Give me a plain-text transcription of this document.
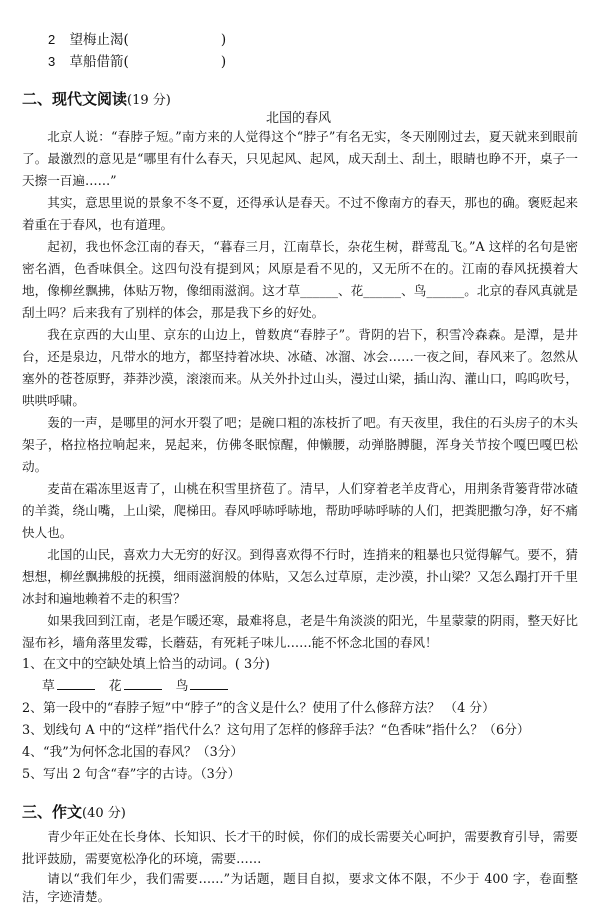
2 望梅止渴(	)
3 草船借箭(	)
二、现代文阅读(19 分)
北国的春风
北京人说：“春脖子短。”南方来的人觉得这个“脖子”有名无实，冬天刚刚过去，夏天就来到眼前了。最激烈的意见是“哪里有什么春天，只见起风、起风，成天刮土、刮土，眼睛也睁不开，桌子一天擦一百遍……”
其实，意思里说的景象不冬不夏，还得承认是春天。不过不像南方的春天，那也的确。褒贬起来着重在于春风，也有道理。
起初，我也怀念江南的春天，“暮春三月，江南草长，杂花生树，群莺乱飞。”A 这样的名句是密密名酒，色香味俱全。这四句没有提到风；风原是看不见的，又无所不在的。江南的春风抚摸着大地，像柳丝飘拂，体贴万物，像细雨滋润。这才草______、花______、鸟______。北京的春风真就是刮土吗？后来我有了别样的体会，那是我下乡的好处。
我在京西的大山里、京东的山边上，曾数庹“春脖子”。背阴的岩下，积雪冷森森。是潭，是井台，还是泉边，凡带水的地方，都坚持着冰块、冰碴、冰溜、冰会……一夜之间，春风来了。忽然从塞外的苍苍原野，莽莽沙漠，滚滚而来。从关外扑过山头，漫过山梁，插山沟、灌山口，呜呜吹号，哄哄呼啸。
轰的一声，是哪里的河水开裂了吧；是碗口粗的冻枝折了吧。有天夜里，我住的石头房子的木头架子，格拉格拉响起来，晃起来，仿佛冬眠惊醒，伸懒腰，动弹胳膊腿，浑身关节按个嘎巴嘎巴松动。
麦苗在霜冻里返青了，山桃在积雪里挤苞了。清早，人们穿着老羊皮背心，用荆条背篓背带冰碴的羊粪，绕山嘴，上山梁，爬梯田。春风呼哧呼哧地，帮助呼哧呼哧的人们，把粪肥撒匀净，好不痛快人也。
北国的山民，喜欢力大无穷的好汉。到得喜欢得不行时，连捎来的粗暴也只觉得解气。要不，猜想想，柳丝飘拂般的抚摸，细雨滋润般的体贴，又怎么过草原，走沙漠，扑山梁？又怎么蹋打开千里冰封和遍地赖着不走的积雪？
如果我回到江南，老是乍暖还寒，最难将息，老是牛角淡淡的阳光，牛星蒙蒙的阴雨，整天好比湿布衫，墙角落里发霉，长蘑菇，有死耗子味儿……能不怀念北国的春风！
1、在文中的空缺处填上恰当的动词。( 3分)
草	花	鸟
2、第一段中的“春脖子短”中“脖子”的含义是什么？使用了什么修辞方法？ （4 分）
3、划线句 A 中的“这样”指代什么？这句用了怎样的修辞手法？“色香味”指什么？（6分）
4、“我”为何怀念北国的春风？（3分）
5、写出 2 句含“春”字的古诗。（3分）
三、作文(40 分)
青少年正处在长身体、长知识、长才干的时候，你们的成长需要关心呵护，需要教育引导，需要批评鼓励，需要宽松净化的环境，需要……
请以“我们年少，我们需要……”为话题，题目自拟，要求文体不限，不少于 400 字，卷面整洁，字迹清楚。
